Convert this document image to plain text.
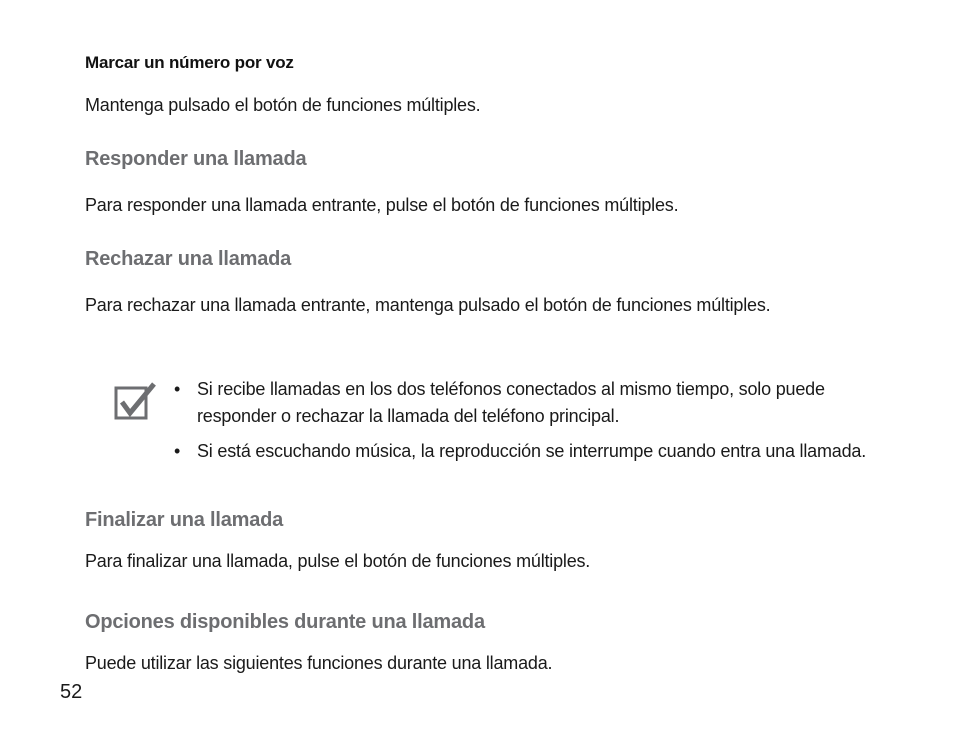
Marcar un número por voz

Mantenga pulsado el botón de funciones múltiples.

Responder una llamada

Para responder una llamada entrante, pulse el botón de funciones múltiples.

Rechazar una llamada

Para rechazar una llamada entrante, mantenga pulsado el botón de funciones múltiples.

• Si recibe llamadas en los dos teléfonos conectados al mismo tiempo, solo puede responder o rechazar la llamada del teléfono principal.
• Si está escuchando música, la reproducción se interrumpe cuando entra una llamada.
Finalizar una llamada

Para finalizar una llamada, pulse el botón de funciones múltiples.

Opciones disponibles durante una llamada

Puede utilizar las siguientes funciones durante una llamada.

52
